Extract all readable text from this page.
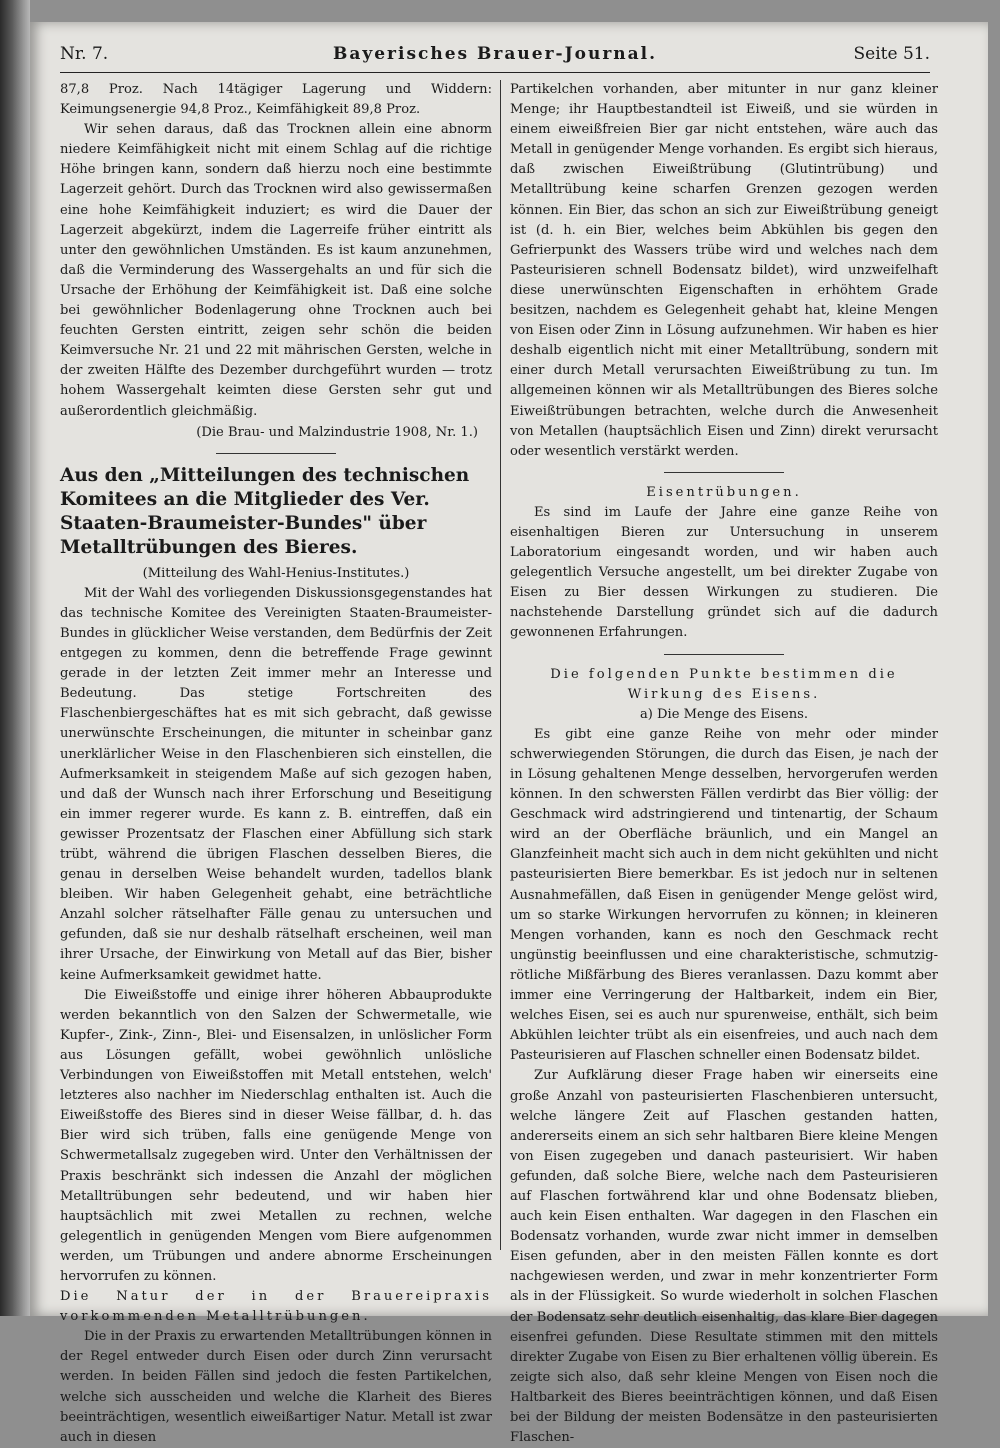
Nr. 7.	Bayerisches Brauer-Journal.	Seite 51.

87,8 Proz. Nach 14tägiger Lagerung und Widdern: Keimungsenergie 94,8 Proz., Keimfähigkeit 89,8 Proz.

Wir sehen daraus, daß das Trocknen allein eine abnorm niedere Keimfähigkeit nicht mit einem Schlag auf die richtige Höhe bringen kann, sondern daß hierzu noch eine bestimmte Lagerzeit gehört. Durch das Trocknen wird also gewissermaßen eine hohe Keimfähigkeit induziert; es wird die Dauer der Lagerzeit abgekürzt, indem die Lagerreife früher eintritt als unter den gewöhnlichen Umständen. Es ist kaum anzunehmen, daß die Verminderung des Wassergehalts an und für sich die Ursache der Erhöhung der Keimfähigkeit ist. Daß eine solche bei gewöhnlicher Bodenlagerung ohne Trocknen auch bei feuchten Gersten eintritt, zeigen sehr schön die beiden Keimversuche Nr. 21 und 22 mit mährischen Gersten, welche in der zweiten Hälfte des Dezember durchgeführt wurden — trotz hohem Wassergehalt keimten diese Gersten sehr gut und außerordentlich gleichmäßig.

(Die Brau- und Malzindustrie 1908, Nr. 1.)

Aus den „Mitteilungen des technischen Komitees an die Mitglieder des Ver. Staaten-Braumeister-Bundes" über Metalltrübungen des Bieres.

(Mitteilung des Wahl-Henius-Institutes.)

Mit der Wahl des vorliegenden Diskussionsgegenstandes hat das technische Komitee des Vereinigten Staaten-Braumeister-Bundes in glücklicher Weise verstanden, dem Bedürfnis der Zeit entgegen zu kommen, denn die betreffende Frage gewinnt gerade in der letzten Zeit immer mehr an Interesse und Bedeutung. Das stetige Fortschreiten des Flaschenbiergeschäftes hat es mit sich gebracht, daß gewisse unerwünschte Erscheinungen, die mitunter in scheinbar ganz unerklärlicher Weise in den Flaschenbieren sich einstellen, die Aufmerksamkeit in steigendem Maße auf sich gezogen haben, und daß der Wunsch nach ihrer Erforschung und Beseitigung ein immer regerer wurde. Es kann z. B. eintreffen, daß ein gewisser Prozentsatz der Flaschen einer Abfüllung sich stark trübt, während die übrigen Flaschen desselben Bieres, die genau in derselben Weise behandelt wurden, tadellos blank bleiben. Wir haben Gelegenheit gehabt, eine beträchtliche Anzahl solcher rätselhafter Fälle genau zu untersuchen und gefunden, daß sie nur deshalb rätselhaft erscheinen, weil man ihrer Ursache, der Einwirkung von Metall auf das Bier, bisher keine Aufmerksamkeit gewidmet hatte.

Die Eiweißstoffe und einige ihrer höheren Abbauprodukte werden bekanntlich von den Salzen der Schwermetalle, wie Kupfer-, Zink-, Zinn-, Blei- und Eisensalzen, in unlöslicher Form aus Lösungen gefällt, wobei gewöhnlich unlösliche Verbindungen von Eiweißstoffen mit Metall entstehen, welch' letzteres also nachher im Niederschlag enthalten ist. Auch die Eiweißstoffe des Bieres sind in dieser Weise fällbar, d. h. das Bier wird sich trüben, falls eine genügende Menge von Schwermetallsalz zugegeben wird. Unter den Verhältnissen der Praxis beschränkt sich indessen die Anzahl der möglichen Metalltrübungen sehr bedeutend, und wir haben hier hauptsächlich mit zwei Metallen zu rechnen, welche gelegentlich in genügenden Mengen vom Biere aufgenommen werden, um Trübungen und andere abnorme Erscheinungen hervorrufen zu können.

Die Natur der in der Brauereipraxis vorkommenden Metalltrübungen.

Die in der Praxis zu erwartenden Metalltrübungen können in der Regel entweder durch Eisen oder durch Zinn verursacht werden. In beiden Fällen sind jedoch die festen Partikelchen, welche sich ausscheiden und welche die Klarheit des Bieres beeinträchtigen, wesentlich eiweißartiger Natur. Metall ist zwar auch in diesen

Partikelchen vorhanden, aber mitunter in nur ganz kleiner Menge; ihr Hauptbestandteil ist Eiweiß, und sie würden in einem eiweißfreien Bier gar nicht entstehen, wäre auch das Metall in genügender Menge vorhanden. Es ergibt sich hieraus, daß zwischen Eiweißtrübung (Glutintrübung) und Metalltrübung keine scharfen Grenzen gezogen werden können. Ein Bier, das schon an sich zur Eiweißtrübung geneigt ist (d. h. ein Bier, welches beim Abkühlen bis gegen den Gefrierpunkt des Wassers trübe wird und welches nach dem Pasteurisieren schnell Bodensatz bildet), wird unzweifelhaft diese unerwünschten Eigenschaften in erhöhtem Grade besitzen, nachdem es Gelegenheit gehabt hat, kleine Mengen von Eisen oder Zinn in Lösung aufzunehmen. Wir haben es hier deshalb eigentlich nicht mit einer Metalltrübung, sondern mit einer durch Metall verursachten Eiweißtrübung zu tun. Im allgemeinen können wir als Metalltrübungen des Bieres solche Eiweißtrübungen betrachten, welche durch die Anwesenheit von Metallen (hauptsächlich Eisen und Zinn) direkt verursacht oder wesentlich verstärkt werden.

Eisentrübungen.

Es sind im Laufe der Jahre eine ganze Reihe von eisenhaltigen Bieren zur Untersuchung in unserem Laboratorium eingesandt worden, und wir haben auch gelegentlich Versuche angestellt, um bei direkter Zugabe von Eisen zu Bier dessen Wirkungen zu studieren. Die nachstehende Darstellung gründet sich auf die dadurch gewonnenen Erfahrungen.

Die folgenden Punkte bestimmen die Wirkung des Eisens.

a) Die Menge des Eisens.

Es gibt eine ganze Reihe von mehr oder minder schwerwiegenden Störungen, die durch das Eisen, je nach der in Lösung gehaltenen Menge desselben, hervorgerufen werden können. In den schwersten Fällen verdirbt das Bier völlig: der Geschmack wird adstringierend und tintenartig, der Schaum wird an der Oberfläche bräunlich, und ein Mangel an Glanzfeinheit macht sich auch in dem nicht gekühlten und nicht pasteurisierten Biere bemerkbar. Es ist jedoch nur in seltenen Ausnahmefällen, daß Eisen in genügender Menge gelöst wird, um so starke Wirkungen hervorrufen zu können; in kleineren Mengen vorhanden, kann es noch den Geschmack recht ungünstig beeinflussen und eine charakteristische, schmutzig-rötliche Mißfärbung des Bieres veranlassen. Dazu kommt aber immer eine Verringerung der Haltbarkeit, indem ein Bier, welches Eisen, sei es auch nur spurenweise, enthält, sich beim Abkühlen leichter trübt als ein eisenfreies, und auch nach dem Pasteurisieren auf Flaschen schneller einen Bodensatz bildet.

Zur Aufklärung dieser Frage haben wir einerseits eine große Anzahl von pasteurisierten Flaschenbieren untersucht, welche längere Zeit auf Flaschen gestanden hatten, andererseits einem an sich sehr haltbaren Biere kleine Mengen von Eisen zugegeben und danach pasteurisiert. Wir haben gefunden, daß solche Biere, welche nach dem Pasteurisieren auf Flaschen fortwährend klar und ohne Bodensatz blieben, auch kein Eisen enthalten. War dagegen in den Flaschen ein Bodensatz vorhanden, wurde zwar nicht immer in demselben Eisen gefunden, aber in den meisten Fällen konnte es dort nachgewiesen werden, und zwar in mehr konzentrierter Form als in der Flüssigkeit. So wurde wiederholt in solchen Flaschen der Bodensatz sehr deutlich eisenhaltig, das klare Bier dagegen eisenfrei gefunden. Diese Resultate stimmen mit den mittels direkter Zugabe von Eisen zu Bier erhaltenen völlig überein. Es zeigte sich also, daß sehr kleine Mengen von Eisen noch die Haltbarkeit des Bieres beeinträchtigen können, und daß Eisen bei der Bildung der meisten Bodensätze in den pasteurisierten Flaschen-
